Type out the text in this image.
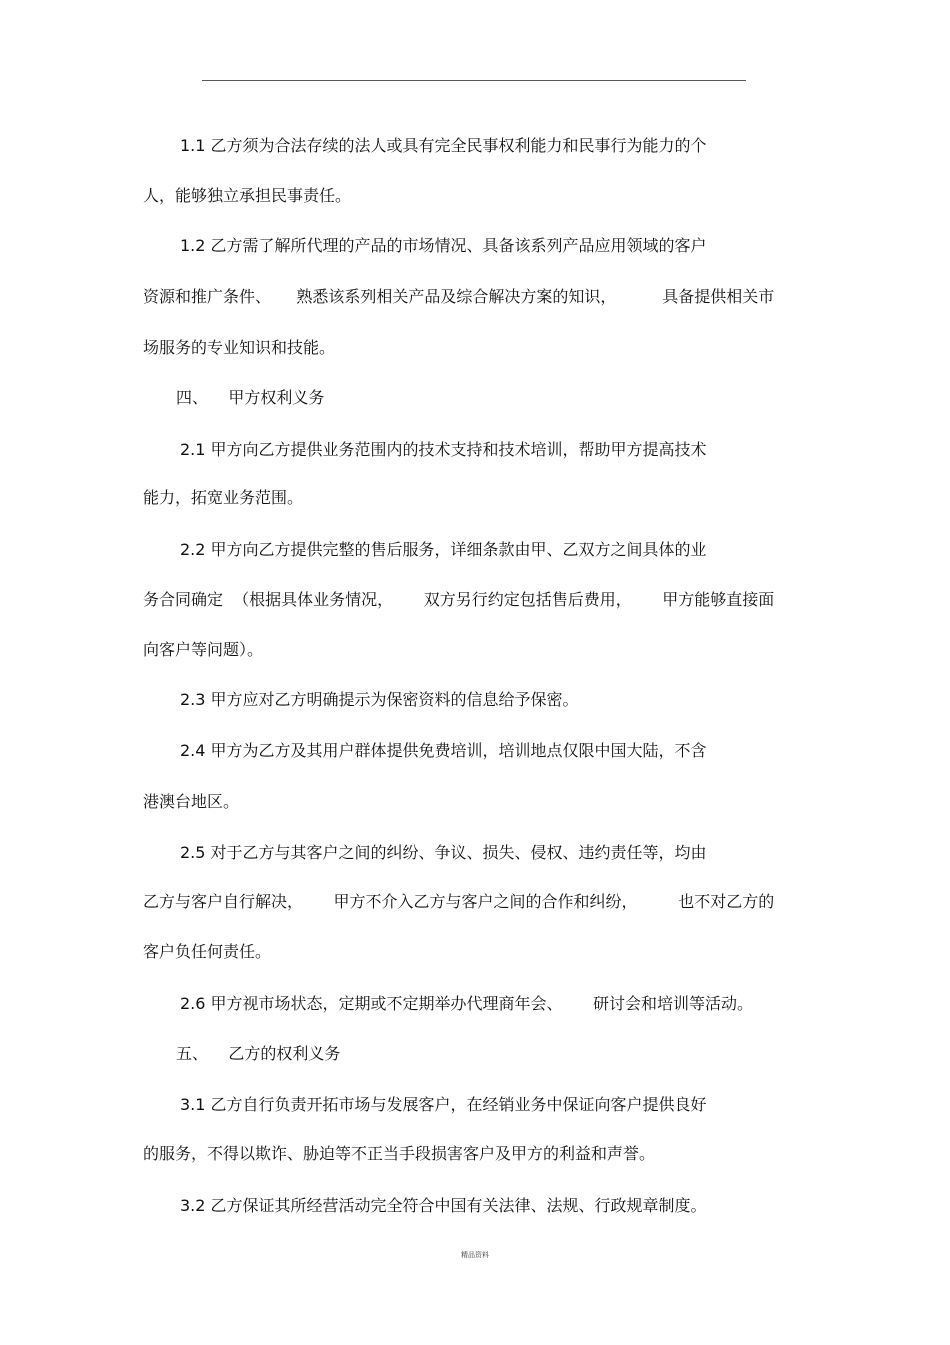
1.1 乙方须为合法存续的法人或具有完全民事权利能力和民事行为能力的个
人，能够独立承担民事责任。
1.2 乙方需了解所代理的产品的市场情况、具备该系列产品应用领域的客户
资源和推广条件、     熟悉该系列相关产品及综合解决方案的知识，         具备提供相关市
场服务的专业知识和技能。
四、    甲方权利义务
2.1 甲方向乙方提供业务范围内的技术支持和技术培训，帮助甲方提高技术
能力，拓宽业务范围。
2.2 甲方向乙方提供完整的售后服务，详细条款由甲、乙双方之间具体的业
务合同确定  （根据具体业务情况，      双方另行约定包括售后费用，      甲方能够直接面
向客户等问题）。
2.3 甲方应对乙方明确提示为保密资料的信息给予保密。
2.4 甲方为乙方及其用户群体提供免费培训，培训地点仅限中国大陆，不含
港澳台地区。
2.5 对于乙方与其客户之间的纠纷、争议、损失、侵权、违约责任等，均由
乙方与客户自行解决，      甲方不介入乙方与客户之间的合作和纠纷，        也不对乙方的
客户负任何责任。
2.6 甲方视市场状态，定期或不定期举办代理商年会、      研讨会和培训等活动。
五、    乙方的权利义务
3.1 乙方自行负责开拓市场与发展客户，在经销业务中保证向客户提供良好
的服务，不得以欺诈、胁迫等不正当手段损害客户及甲方的利益和声誉。
3.2 乙方保证其所经营活动完全符合中国有关法律、法规、行政规章制度。
精品资料
